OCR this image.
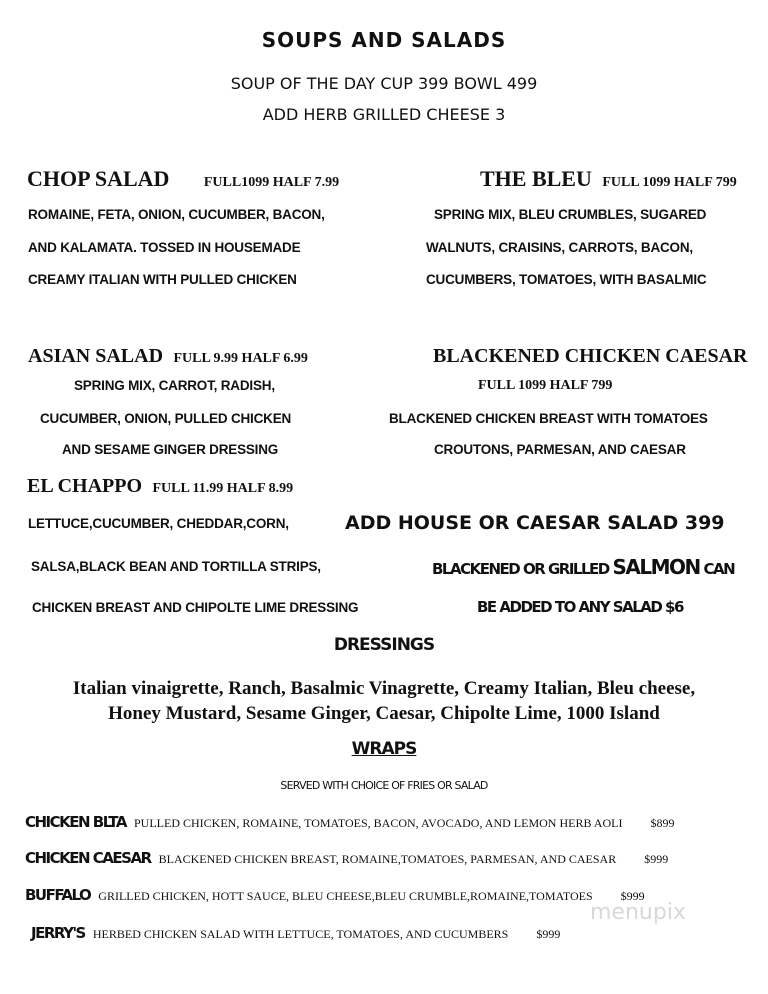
SOUPS AND SALADS
SOUP OF THE DAY CUP 399 BOWL 499
ADD HERB GRILLED CHEESE 3
CHOP SALAD FULL1099 HALF 7.99
ROMAINE, FETA, ONION, CUCUMBER, BACON,
AND KALAMATA. TOSSED IN HOUSEMADE
CREAMY ITALIAN WITH PULLED CHICKEN
THE BLEU FULL 1099 HALF 799
SPRING MIX, BLEU CRUMBLES, SUGARED
WALNUTS, CRAISINS, CARROTS, BACON,
CUCUMBERS, TOMATOES, WITH BASALMIC
ASIAN SALAD FULL 9.99 HALF 6.99
SPRING MIX, CARROT, RADISH,
CUCUMBER, ONION, PULLED CHICKEN
AND SESAME GINGER DRESSING
BLACKENED CHICKEN CAESAR
FULL 1099 HALF 799
BLACKENED CHICKEN BREAST WITH TOMATOES
CROUTONS, PARMESAN, AND CAESAR
EL CHAPPO FULL 11.99 HALF 8.99
LETTUCE,CUCUMBER, CHEDDAR,CORN,
SALSA,BLACK BEAN AND TORTILLA STRIPS,
CHICKEN BREAST AND CHIPOLTE LIME DRESSING
ADD HOUSE OR CAESAR SALAD 399
BLACKENED OR GRILLED SALMON CAN
BE ADDED TO ANY SALAD $6
DRESSINGS
Italian vinaigrette, Ranch, Basalmic Vinagrette, Creamy Italian, Bleu cheese,
Honey Mustard, Sesame Ginger, Caesar, Chipolte Lime, 1000 Island
WRAPS
SERVED WITH CHOICE OF FRIES OR SALAD
CHICKEN BLTA PULLED CHICKEN, ROMAINE, TOMATOES, BACON, AVOCADO, AND LEMON HERB AOLI $899
CHICKEN CAESAR BLACKENED CHICKEN BREAST, ROMAINE,TOMATOES, PARMESAN, AND CAESAR $999
BUFFALO GRILLED CHICKEN, HOTT SAUCE, BLEU CHEESE,BLEU CRUMBLE,ROMAINE,TOMATOES $999
JERRY'S HERBED CHICKEN SALAD WITH LETTUCE, TOMATOES, AND CUCUMBERS $999
menupix
